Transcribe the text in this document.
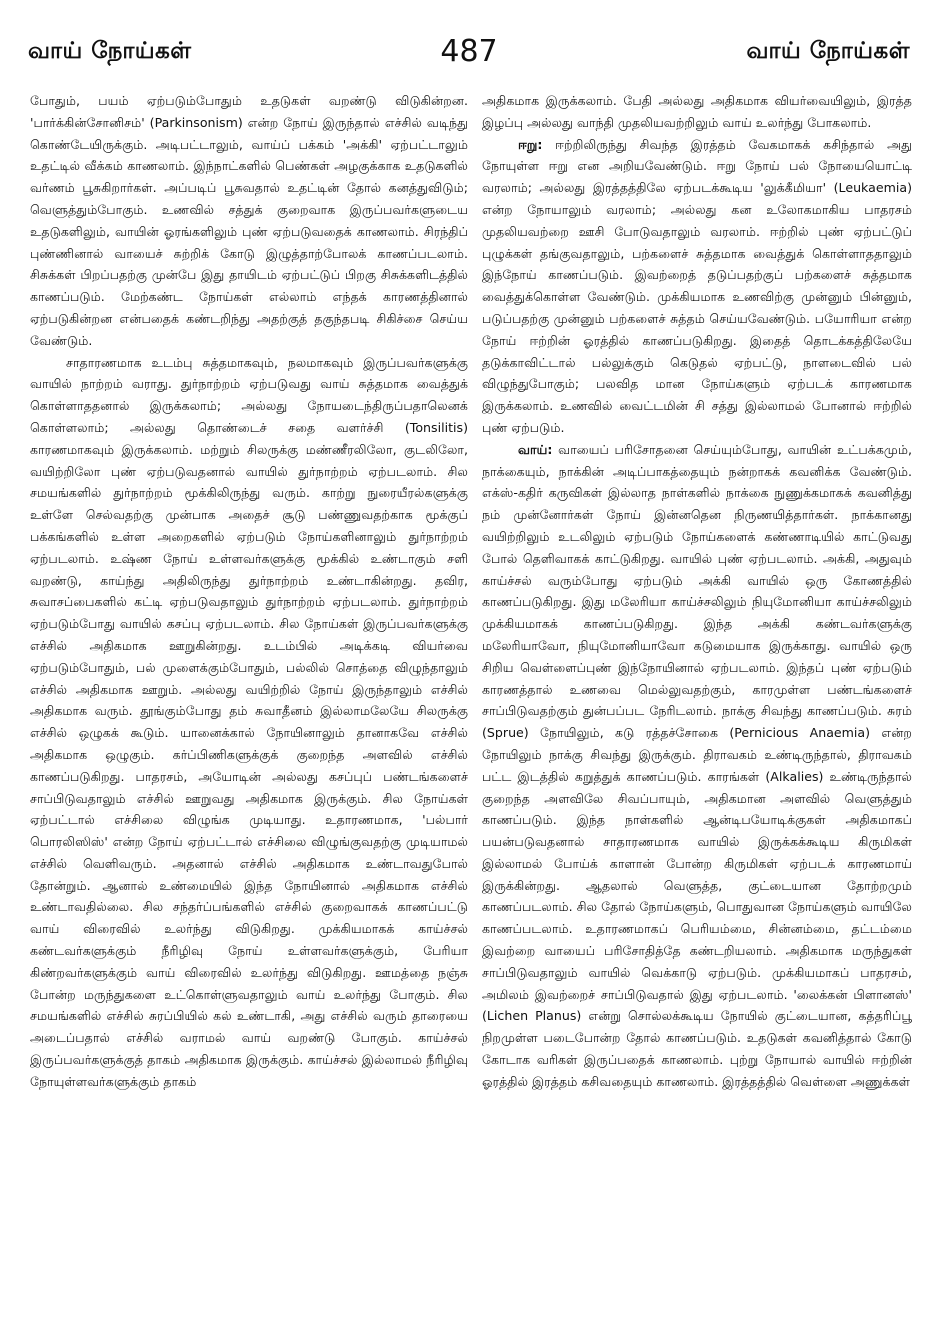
வாய் நோய்கள்	487	வாய் நோய்கள்

போதும், பயம் ஏற்படும்போதும் உதடுகள் வறண்டு விடுகின்றன. 'பார்க்கின்சோனிசம்' (Parkinsonism) என்ற நோய் இருந்தால் எச்சில் வடிந்து கொண்டேயிருக்கும். அடிபட்டாலும், வாய்ப் பக்கம் 'அக்கி' ஏற்பட்டாலும் உதட்டில் வீக்கம் காணலாம். இந்நாட்களில் பெண்கள் அழகுக்காக உதடுகளில் வர்ணம் பூசுகிறார்கள். அப்படிப் பூசுவதால் உதட்டின் தோல் கனத்துவிடும்; வெளுத்தும்போகும். உணவில் சத்துக் குறைவாக இருப்பவர்களுடைய உதடுகளிலும், வாயின் ஓரங்களிலும் புண் ஏற்படுவதைக் காணலாம். சிரந்திப் புண்ணினால் வாயைச் சுற்றிக் கோடு இழுத்தாற்போலக் காணப்படலாம். சிசுக்கள் பிறப்பதற்கு முன்பே இது தாயிடம் ஏற்பட்டுப் பிறகு சிசுக்களிடத்தில் காணப்படும். மேற்கண்ட நோய்கள் எல்லாம் எந்தக் காரணத்தினால் ஏற்படுகின்றன என்பதைக் கண்டறிந்து அதற்குத் தகுந்தபடி சிகிச்சை செய்ய வேண்டும்.

சாதாரணமாக உடம்பு சுத்தமாகவும், நலமாகவும் இருப்பவர்களுக்கு வாயில் நாற்றம் வராது. துர்நாற்றம் ஏற்படுவது வாய் சுத்தமாக வைத்துக் கொள்ளாததனால் இருக்கலாம்; அல்லது நோயடைந்திருப்பதாலெனக் கொள்ளலாம்; அல்லது தொண்டைச் சதை வளர்ச்சி (Tonsilitis) காரணமாகவும் இருக்கலாம். மற்றும் சிலருக்கு மண்ணீரலிலோ, குடலிலோ, வயிற்றிலோ புண் ஏற்படுவதனால் வாயில் துர்நாற்றம் ஏற்படலாம். சில சமயங்களில் துர்நாற்றம் மூக்கிலிருந்து வரும். காற்று நுரையீரல்களுக்கு உள்ளே செல்வதற்கு முன்பாக அதைச் சூடு பண்ணுவதற்காக மூக்குப் பக்கங்களில் உள்ள அறைகளில் ஏற்படும் நோய்களினாலும் துர்நாற்றம் ஏற்படலாம். உஷ்ண நோய் உள்ளவர்களுக்கு மூக்கில் உண்டாகும் சளி வறண்டு, காய்ந்து அதிலிருந்து துர்நாற்றம் உண்டாகின்றது. தவிர, சுவாசப்பைகளில் கட்டி ஏற்படுவதாலும் துர்நாற்றம் ஏற்படலாம். துர்நாற்றம் ஏற்படும்போது வாயில் கசப்பு ஏற்படலாம். சில நோய்கள் இருப்பவர்களுக்கு எச்சில் அதிகமாக ஊறுகின்றது. உடம்பில் அடிக்கடி வியர்வை ஏற்படும்போதும், பல் முளைக்கும்போதும், பல்லில் சொத்தை விழுந்தாலும் எச்சில் அதிகமாக ஊறும். அல்லது வயிற்றில் நோய் இருந்தாலும் எச்சில் அதிகமாக வரும். தூங்கும்போது தம் சுவாதீனம் இல்லாமலேயே சிலருக்கு எச்சில் ஒழுகக் கூடும். யானைக்கால் நோயினாலும் தானாகவே எச்சில் அதிகமாக ஒழுகும். கர்ப்பிணிகளுக்குக் குறைந்த அளவில் எச்சில் காணப்படுகிறது. பாதரசம், அயோடின் அல்லது கசப்புப் பண்டங்களைச் சாப்பிடுவதாலும் எச்சில் ஊறுவது அதிகமாக இருக்கும். சில நோய்கள் ஏற்பட்டால் எச்சிலை விழுங்க முடியாது. உதாரணமாக, 'பல்பார் பொரலிஸிஸ்' என்ற நோய் ஏற்பட்டால் எச்சிலை விழுங்குவதற்கு முடியாமல் எச்சில் வெளிவரும். அதனால் எச்சில் அதிகமாக உண்டாவதுபோல் தோன்றும். ஆனால் உண்மையில் இந்த நோயினால் அதிகமாக எச்சில் உண்டாவதில்லை. சில சந்தர்ப்பங்களில் எச்சில் குறைவாகக் காணப்பட்டு வாய் விரைவில் உலர்ந்து விடுகிறது. முக்கியமாகக் காய்ச்சல் கண்டவர்களுக்கும் நீரிழிவு நோய் உள்ளவர்களுக்கும், பேரியா கிண்றவர்களுக்கும் வாய் விரைவில் உலர்ந்து விடுகிறது. ஊமத்தை நஞ்சு போன்ற மருந்துகளை உட்கொள்ளுவதாலும் வாய் உலர்ந்து போகும். சில சமயங்களில் எச்சில் சுரப்பியில் கல் உண்டாகி, அது எச்சில் வரும் தாரையை அடைப்பதால் எச்சில் வராமல் வாய் வறண்டு போகும். காய்ச்சல் இருப்பவர்களுக்குத் தாகம் அதிகமாக இருக்கும். காய்ச்சல் இல்லாமல் நீரிழிவு நோயுள்ளவர்களுக்கும் தாகம்

அதிகமாக இருக்கலாம். பேதி அல்லது அதிகமாக வியர்வையிலும், இரத்த இழப்பு அல்லது வாந்தி முதலியவற்றிலும் வாய் உலர்ந்து போகலாம்.

ஈறு: ஈற்றிலிருந்து சிவந்த இரத்தம் வேகமாகக் கசிந்தால் அது நோயுள்ள ஈறு என அறியவேண்டும். ஈறு நோய் பல் நோயையொட்டி வரலாம்; அல்லது இரத்தத்திலே ஏற்படக்கூடிய 'லுக்கீமியா' (Leukaemia) என்ற நோயாலும் வரலாம்; அல்லது கன உலோகமாகிய பாதரசம் முதலியவற்றை ஊசி போடுவதாலும் வரலாம். ஈற்றில் புண் ஏற்பட்டுப் புழுக்கள் தங்குவதாலும், பற்களைச் சுத்தமாக வைத்துக் கொள்ளாததாலும் இந்நோய் காணப்படும். இவற்றைத் தடுப்பதற்குப் பற்களைச் சுத்தமாக வைத்துக்கொள்ள வேண்டும். முக்கியமாக உணவிற்கு முன்னும் பின்னும், படுப்பதற்கு முன்னும் பற்களைச் சுத்தம் செய்யவேண்டும். பயோரியா என்ற நோய் ஈற்றின் ஓரத்தில் காணப்படுகிறது. இதைத் தொடக்கத்திலேயே தடுக்காவிட்டால் பல்லுக்கும் கெடுதல் ஏற்பட்டு, நாளடைவில் பல் விழுந்துபோகும்; பலவித மான நோய்களும் ஏற்படக் காரணமாக இருக்கலாம். உணவில் வைட்டமின் சி சத்து இல்லாமல் போனால் ஈற்றில் புண் ஏற்படும்.

வாய்: வாயைப் பரிசோதனை செய்யும்போது, வாயின் உட்பக்கமும், நாக்கையும், நாக்கின் அடிப்பாகத்தையும் நன்றாகக் கவனிக்க வேண்டும். எக்ஸ்-கதிர் கருவிகள் இல்லாத நாள்களில் நாக்கை நுணுக்கமாகக் கவனித்து நம் முன்னோர்கள் நோய் இன்னதென நிருணயித்தார்கள். நாக்கானது வயிற்றிலும் உடலிலும் ஏற்படும் நோய்களைக் கண்ணாடியில் காட்டுவது போல் தெளிவாகக் காட்டுகிறது. வாயில் புண் ஏற்படலாம். அக்கி, அதுவும் காய்ச்சல் வரும்போது ஏற்படும் அக்கி வாயில் ஒரு கோணத்தில் காணப்படுகிறது. இது மலேரியா காய்ச்சலிலும் நியுமோனியா காய்ச்சலிலும் முக்கியமாகக் காணப்படுகிறது. இந்த அக்கி கண்டவர்களுக்கு மலேரியாவோ, நியுமோனியாவோ கடுமையாக இருக்காது. வாயில் ஒரு சிறிய வெள்ளைப்புண் இந்நோயினால் ஏற்படலாம். இந்தப் புண் ஏற்படும் காரணத்தால் உணவை மெல்லுவதற்கும், காரமுள்ள பண்டங்களைச் சாப்பிடுவதற்கும் துன்பப்பட நேரிடலாம். நாக்கு சிவந்து காணப்படும். சுரம் (Sprue) நோயிலும், கடு ரத்தச்சோகை (Pernicious Anaemia) என்ற நோயிலும் நாக்கு சிவந்து இருக்கும். திராவகம் உண்டிருந்தால், திராவகம் பட்ட இடத்தில் கறுத்துக் காணப்படும். காரங்கள் (Alkalies) உண்டிருந்தால் குறைந்த அளவிலே சிவப்பாயும், அதிகமான அளவில் வெளுத்தும் காணப்படும். இந்த நாள்களில் ஆன்டிபயோடிக்குகள் அதிகமாகப் பயன்படுவதனால் சாதாரணமாக வாயில் இருக்கக்கூடிய கிருமிகள் இல்லாமல் போய்க் காளான் போன்ற கிருமிகள் ஏற்படக் காரணமாய் இருக்கின்றது. ஆதலால் வெளுத்த, குட்டையான தோற்றமும் காணப்படலாம். சில தோல் நோய்களும், பொதுவான நோய்களும் வாயிலே காணப்படலாம். உதாரணமாகப் பெரியம்மை, சின்னம்மை, தட்டம்மை இவற்றை வாயைப் பரிசோதித்தே கண்டறியலாம். அதிகமாக மருந்துகள் சாப்பிடுவதாலும் வாயில் வெக்காடு ஏற்படும். முக்கியமாகப் பாதரசம், அமிலம் இவற்றைச் சாப்பிடுவதால் இது ஏற்படலாம். 'லைக்கன் பிளானஸ்' (Lichen Planus) என்று சொல்லக்கூடிய நோயில் குட்டையான, கத்தரிப்பூ நிறமுள்ள படைபோன்ற தோல் காணப்படும். உதடுகள் கவனித்தால் கோடு கோடாக வரிகள் இருப்பதைக் காணலாம். புற்று நோயால் வாயில் ஈற்றின் ஓரத்தில் இரத்தம் கசிவதையும் காணலாம். இரத்தத்தில் வெள்ளை அணுக்கள்
